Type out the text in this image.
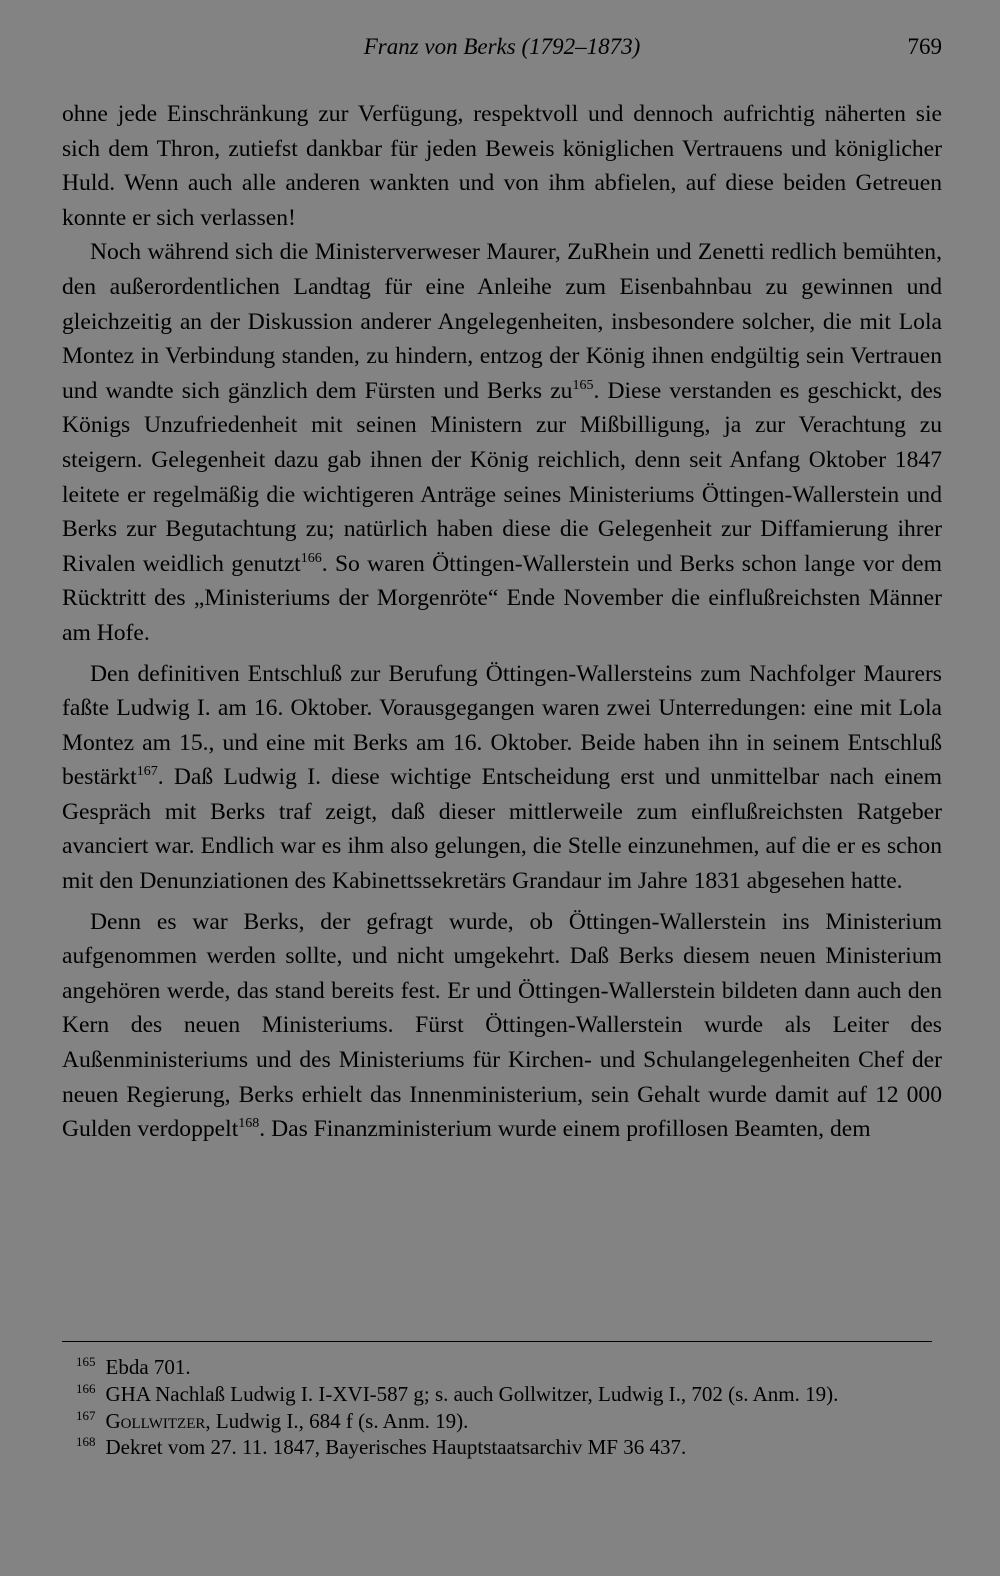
Franz von Berks (1792–1873)	769

ohne jede Einschränkung zur Verfügung, respektvoll und dennoch aufrichtig näherten sie sich dem Thron, zutiefst dankbar für jeden Beweis königlichen Vertrauens und königlicher Huld. Wenn auch alle anderen wankten und von ihm abfielen, auf diese beiden Getreuen konnte er sich verlassen!

Noch während sich die Ministerverweser Maurer, ZuRhein und Zenetti redlich bemühten, den außerordentlichen Landtag für eine Anleihe zum Eisenbahnbau zu gewinnen und gleichzeitig an der Diskussion anderer Angelegenheiten, insbesondere solcher, die mit Lola Montez in Verbindung standen, zu hindern, entzog der König ihnen endgültig sein Vertrauen und wandte sich gänzlich dem Fürsten und Berks $zu^{165}$. Diese verstanden es geschickt, des Königs Unzufriedenheit mit seinen Ministern zur Mißbilligung, ja zur Verachtung zu steigern. Gelegenheit dazu gab ihnen der König reichlich, denn seit Anfang Oktober 1847 leitete er regelmäßig die wichtigeren Anträge seines Ministeriums Öttingen-Wallerstein und Berks zur Begutachtung zu; natürlich haben diese die Gelegenheit zur Diffamierung ihrer Rivalen weidlich genutzt$^{166}$. So waren Öttingen-Wallerstein und Berks schon lange vor dem Rücktritt des „Ministeriums der Morgenröte“ Ende November die einflußreichsten Männer am Hofe.

Den definitiven Entschluß zur Berufung Öttingen-Wallersteins zum Nachfolger Maurers faßte Ludwig I. am 16. Oktober. Vorausgegangen waren zwei Unterredungen: eine mit Lola Montez am 15., und eine mit Berks am 16. Oktober. Beide haben ihn in seinem Entschluß bestärkt$^{167}$. Daß Ludwig I. diese wichtige Entscheidung erst und unmittelbar nach einem Gespräch mit Berks traf zeigt, daß dieser mittlerweile zum einflußreichsten Ratgeber avanciert war. Endlich war es ihm also gelungen, die Stelle einzunehmen, auf die er es schon mit den Denunziationen des Kabinettssekretärs Grandaur im Jahre 1831 abgesehen hatte.

Denn es war Berks, der gefragt wurde, ob Öttingen-Wallerstein ins Ministerium aufgenommen werden sollte, und nicht umgekehrt. Daß Berks diesem neuen Ministerium angehören werde, das stand bereits fest. Er und Öttingen-Wallerstein bildeten dann auch den Kern des neuen Ministeriums. Fürst Öttingen-Wallerstein wurde als Leiter des Außenministeriums und des Ministeriums für Kirchen- und Schulangelegenheiten Chef der neuen Regierung, Berks erhielt das Innenministerium, sein Gehalt wurde damit auf 12 000 Gulden verdoppelt$^{168}$. Das Finanzministerium wurde einem profillosen Beamten, dem

$^{165}$ Ebda 701.

$^{166}$ GHA Nachlaß Ludwig I. I-XVI-587 g; s. auch Gollwitzer, Ludwig I., 702 (s. Anm. 19).

$^{167}$ Gollwitzer, Ludwig I., 684 f (s. Anm. 19).

$^{168}$ Dekret vom 27. 11. 1847, Bayerisches Hauptstaatsarchiv MF 36 437.
